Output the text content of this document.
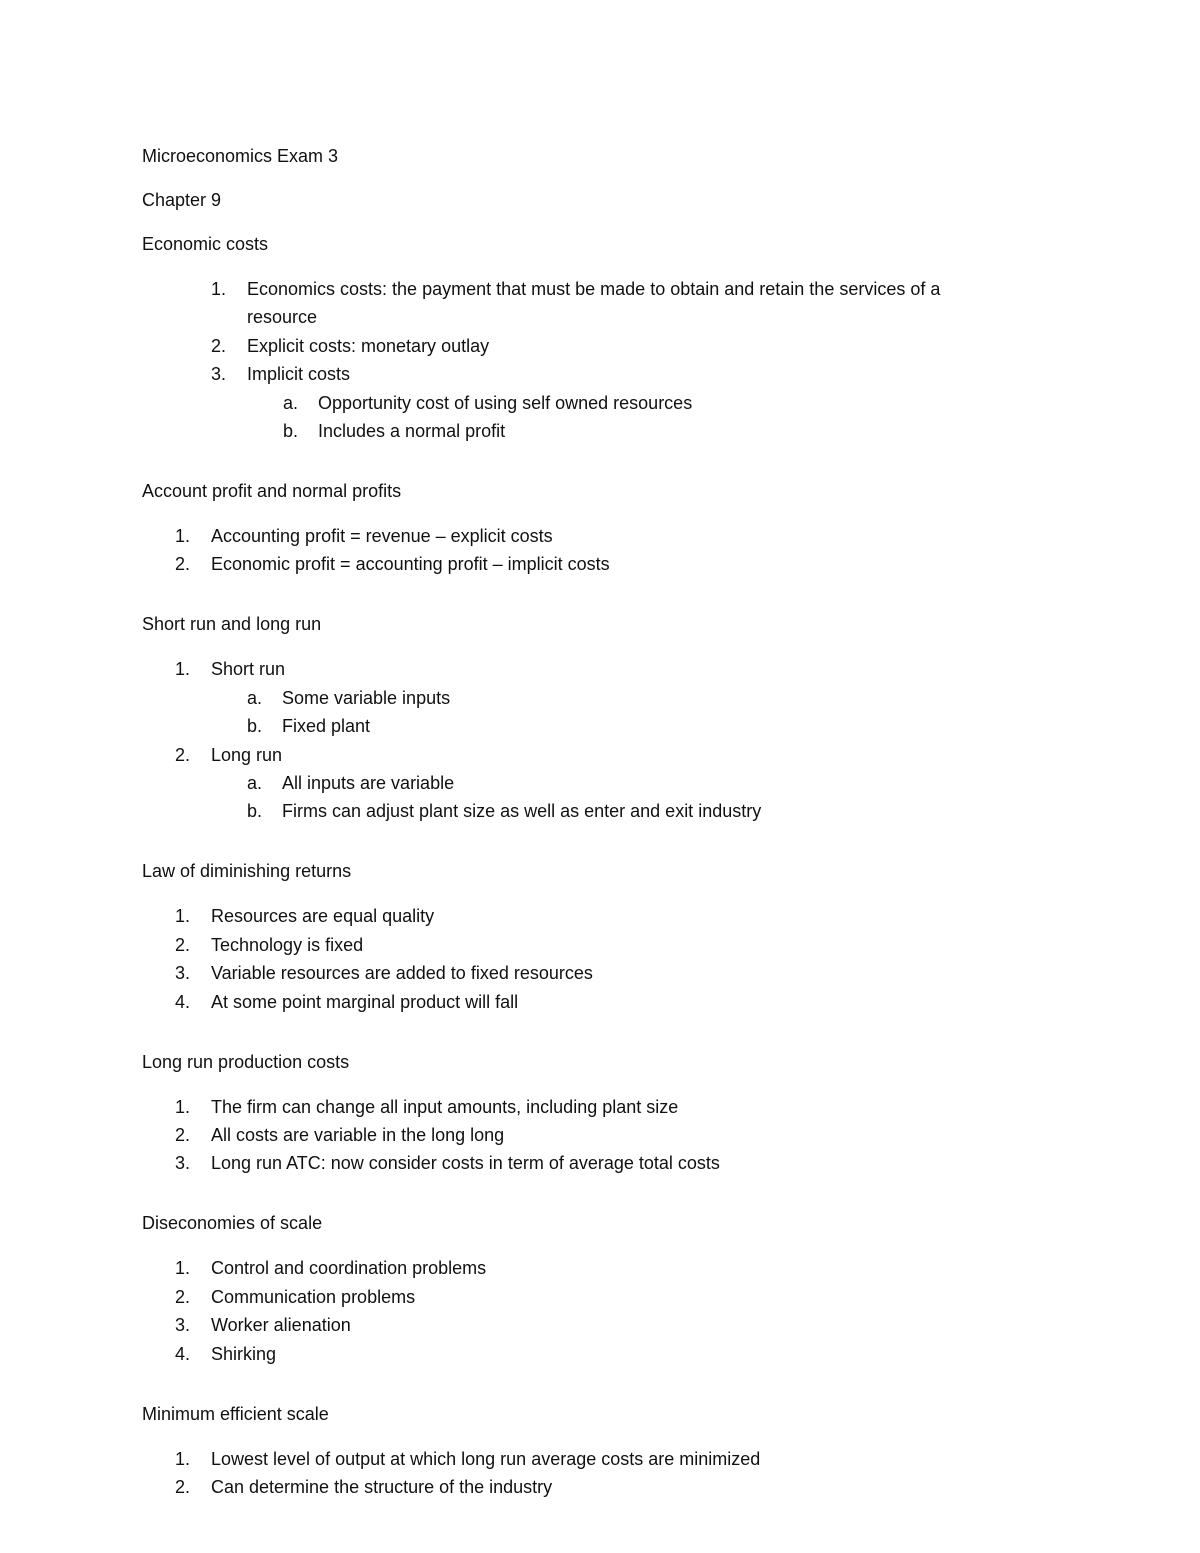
Microeconomics Exam 3
Chapter 9
Economic costs
1. Economics costs: the payment that must be made to obtain and retain the services of a
resource
2. Explicit costs: monetary outlay
3. Implicit costs
a. Opportunity cost of using self owned resources
b. Includes a normal profit
Account profit and normal profits
1. Accounting profit = revenue – explicit costs
2. Economic profit = accounting profit – implicit costs
Short run and long run
1. Short run
a. Some variable inputs
b. Fixed plant
2. Long run
a. All inputs are variable
b. Firms can adjust plant size as well as enter and exit industry
Law of diminishing returns
1. Resources are equal quality
2. Technology is fixed
3. Variable resources are added to fixed resources
4. At some point marginal product will fall
Long run production costs
1. The firm can change all input amounts, including plant size
2. All costs are variable in the long long
3. Long run ATC: now consider costs in term of average total costs
Diseconomies of scale
1. Control and coordination problems
2. Communication problems
3. Worker alienation
4. Shirking
Minimum efficient scale
1. Lowest level of output at which long run average costs are minimized
2. Can determine the structure of the industry
